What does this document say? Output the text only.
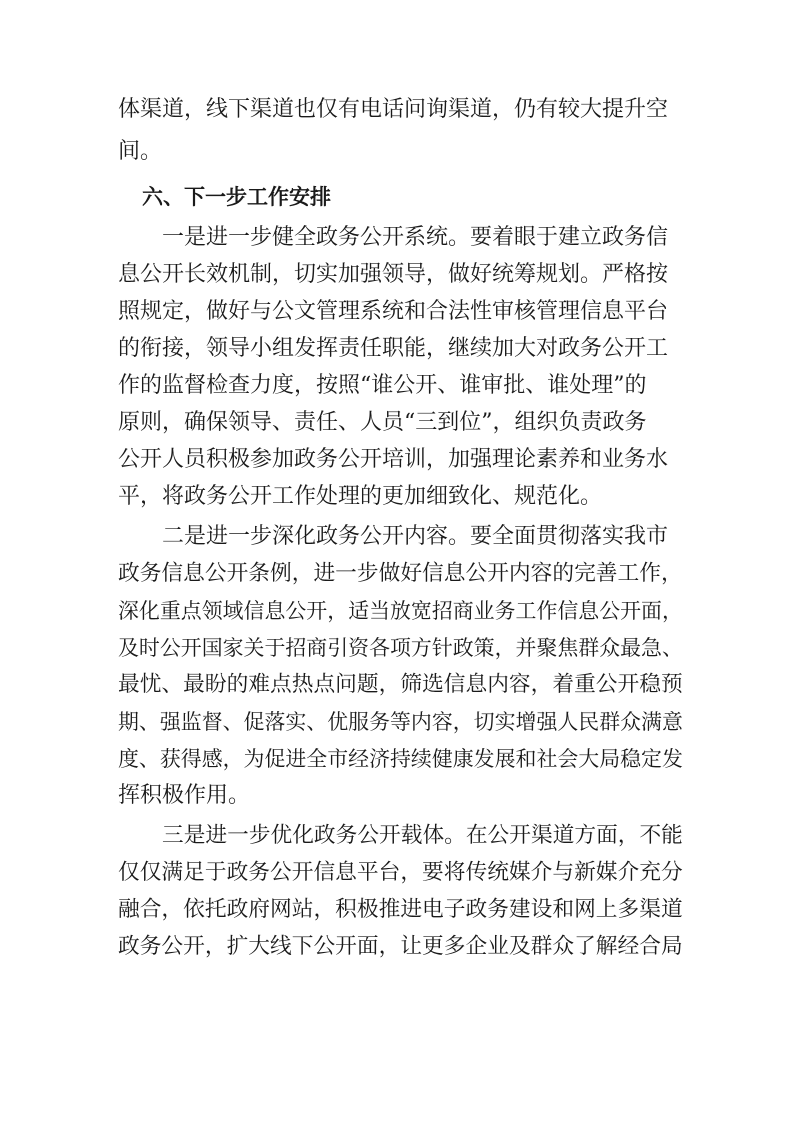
体渠道，线下渠道也仅有电话问询渠道，仍有较大提升空
间。
六、下一步工作安排
一是进一步健全政务公开系统。要着眼于建立政务信
息公开长效机制，切实加强领导，做好统筹规划。严格按
照规定，做好与公文管理系统和合法性审核管理信息平台
的衔接，领导小组发挥责任职能，继续加大对政务公开工
作的监督检查力度，按照“谁公开、谁审批、谁处理”的
原则，确保领导、责任、人员“三到位”，组织负责政务
公开人员积极参加政务公开培训，加强理论素养和业务水
平，将政务公开工作处理的更加细致化、规范化。
二是进一步深化政务公开内容。要全面贯彻落实我市
政务信息公开条例，进一步做好信息公开内容的完善工作，
深化重点领域信息公开，适当放宽招商业务工作信息公开面，
及时公开国家关于招商引资各项方针政策，并聚焦群众最急、
最忧、最盼的难点热点问题，筛选信息内容，着重公开稳预
期、强监督、促落实、优服务等内容，切实增强人民群众满意
度、获得感，为促进全市经济持续健康发展和社会大局稳定发
挥积极作用。
三是进一步优化政务公开载体。在公开渠道方面，不能
仅仅满足于政务公开信息平台，要将传统媒介与新媒介充分
融合，依托政府网站，积极推进电子政务建设和网上多渠道
政务公开，扩大线下公开面，让更多企业及群众了解经合局
